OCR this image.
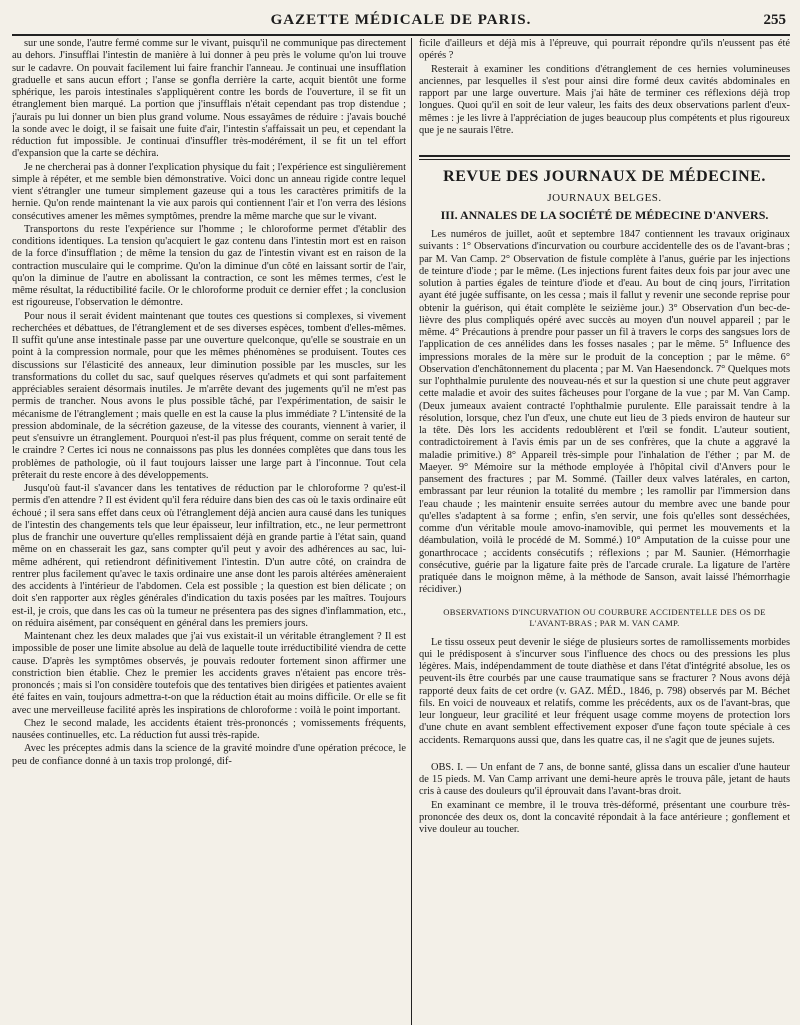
GAZETTE MÉDICALE DE PARIS.	255

sur une sonde, l'autre fermé comme sur le vivant, puisqu'il ne communique pas directement au dehors. J'insufflai l'intestin de manière à lui donner à peu près le volume qu'on lui trouve sur le cadavre. On pouvait facilement lui faire franchir l'anneau. Je continuai une insufflation graduelle et sans aucun effort ; l'anse se gonfla derrière la carte, acquit bientôt une forme sphérique, les parois intestinales s'appliquèrent contre les bords de l'ouverture, il se fit un étranglement bien marqué. La portion que j'insufflais n'était cependant pas trop distendue ; j'aurais pu lui donner un bien plus grand volume. Nous essayâmes de réduire : j'avais bouché la sonde avec le doigt, il se faisait une fuite d'air, l'intestin s'affaissait un peu, et cependant la réduction fut impossible. Je continuai d'insuffler très-modérément, il se fit un tel effort d'expansion que la carte se déchira.

Je ne chercherai pas à donner l'explication physique du fait ; l'expérience est singulièrement simple à répéter, et me semble bien démonstrative. Voici donc un anneau rigide contre lequel vient s'étrangler une tumeur simplement gazeuse qui a tous les caractères primitifs de la hernie. Qu'on rende maintenant la vie aux parois qui contiennent l'air et l'on verra des lésions consécutives amener les mêmes symptômes, prendre la même marche que sur le vivant.

Transportons du reste l'expérience sur l'homme ; le chloroforme permet d'établir des conditions identiques. La tension qu'acquiert le gaz contenu dans l'intestin mort est en raison de la force d'insufflation ; de même la tension du gaz de l'intestin vivant est en raison de la contraction musculaire qui le comprime. Qu'on la diminue d'un côté en laissant sortir de l'air, qu'on la diminue de l'autre en abolissant la contraction, ce sont les mêmes termes, c'est le même résultat, la réductibilité facile. Or le chloroforme produit ce dernier effet ; la conclusion est rigoureuse, l'observation le démontre.

Pour nous il serait évident maintenant que toutes ces questions si complexes, si vivement recherchées et débattues, de l'étranglement et de ses diverses espèces, tombent d'elles-mêmes. Il suffit qu'une anse intestinale passe par une ouverture quelconque, qu'elle se soustraie en un point à la compression normale, pour que les mêmes phénomènes se produisent. Toutes ces discussions sur l'élasticité des anneaux, leur diminution possible par les muscles, sur les transformations du collet du sac, sauf quelques réserves qu'admets et qui sont parfaitement appréciables seraient désormais inutiles. Je m'arrête devant des jugements qu'il ne m'est pas permis de trancher. Nous avons le plus possible tâché, par l'expérimentation, de saisir le mécanisme de l'étranglement ; mais quelle en est la cause la plus immédiate ? L'intensité de la pression abdominale, de la sécrétion gazeuse, de la vitesse des courants, viennent à varier, il peut s'ensuivre un étranglement. Pourquoi n'est-il pas plus fréquent, comme on serait tenté de le craindre ? Certes ici nous ne connaissons pas plus les données complètes que dans tous les problèmes de pathologie, où il faut toujours laisser une large part à l'inconnue. Tout cela prêterait du reste encore à des développements.

Jusqu'où faut-il s'avancer dans les tentatives de réduction par le chloroforme ? qu'est-il permis d'en attendre ? Il est évident qu'il fera réduire dans bien des cas où le taxis ordinaire eût échoué ; il sera sans effet dans ceux où l'étranglement déjà ancien aura causé dans les tuniques de l'intestin des changements tels que leur épaisseur, leur infiltration, etc., ne leur permettront plus de franchir une ouverture qu'elles remplissaient déjà en grande partie à l'état sain, quand même on en chasserait les gaz, sans compter qu'il peut y avoir des adhérences au sac, lui-même adhérent, qui retiendront définitivement l'intestin. D'un autre côté, on craindra de rentrer plus facilement qu'avec le taxis ordinaire une anse dont les parois altérées amèneraient des accidents à l'intérieur de l'abdomen. Cela est possible ; la question est bien délicate ; on doit s'en rapporter aux règles générales d'indication du taxis posées par les maîtres. Toujours est-il, je crois, que dans les cas où la tumeur ne présentera pas des signes d'inflammation, etc., on réduira aisément, par conséquent en général dans les premiers jours.

Maintenant chez les deux malades que j'ai vus existait-il un véritable étranglement ? Il est impossible de poser une limite absolue au delà de laquelle toute irréductibilité viendra de cette cause. D'après les symptômes observés, je pouvais redouter fortement sinon affirmer une constriction bien établie. Chez le premier les accidents graves n'étaient pas encore très-prononcés ; mais si l'on considère toutefois que des tentatives bien dirigées et patientes avaient été faites en vain, toujours admettra-t-on que la réduction était au moins difficile. Or elle se fit avec une merveilleuse facilité après les inspirations de chloroforme : voilà le point important.

Chez le second malade, les accidents étaient très-prononcés ; vomissements fréquents, nausées continuelles, etc. La réduction fut aussi très-rapide.

Avec les préceptes admis dans la science de la gravité moindre d'une opération précoce, le peu de confiance donné à un taxis trop prolongé, dif-

ficile d'ailleurs et déjà mis à l'épreuve, qui pourrait répondre qu'ils n'eussent pas été opérés ?

Resterait à examiner les conditions d'étranglement de ces hernies volumineuses anciennes, par lesquelles il s'est pour ainsi dire formé deux cavités abdominales en rapport par une large ouverture. Mais j'ai hâte de terminer ces réflexions déjà trop longues. Quoi qu'il en soit de leur valeur, les faits des deux observations parlent d'eux-mêmes : je les livre à l'appréciation de juges beaucoup plus compétents et plus rigoureux que je ne saurais l'être.

REVUE DES JOURNAUX DE MÉDECINE.
JOURNAUX BELGES.
III. ANNALES DE LA SOCIÉTÉ DE MÉDECINE D'ANVERS.

Les numéros de juillet, août et septembre 1847 contiennent les travaux originaux suivants : 1° Observations d'incurvation ou courbure accidentelle des os de l'avant-bras ; par M. Van Camp. 2° Observation de fistule complète à l'anus, guérie par les injections de teinture d'iode ; par le même. (Les injections furent faites deux fois par jour avec une solution à parties égales de teinture d'iode et d'eau. Au bout de cinq jours, l'irritation ayant été jugée suffisante, on les cessa ; mais il fallut y revenir une seconde reprise pour obtenir la guérison, qui était complète le seizième jour.) 3° Observation d'un bec-de-lièvre des plus compliqués opéré avec succès au moyen d'un nouvel appareil ; par le même. 4° Précautions à prendre pour passer un fil à travers le corps des sangsues lors de l'application de ces annélides dans les fosses nasales ; par le même. 5° Influence des impressions morales de la mère sur le produit de la conception ; par le même. 6° Observation d'enchâtonnement du placenta ; par M. Van Haesendonck. 7° Quelques mots sur l'ophthalmie purulente des nouveau-nés et sur la question si une chute peut aggraver cette maladie et avoir des suites fâcheuses pour l'organe de la vue ; par M. Van Camp. (Deux jumeaux avaient contracté l'ophthalmie purulente. Elle paraissait tendre à la résolution, lorsque, chez l'un d'eux, une chute eut lieu de 3 pieds environ de hauteur sur la tête. Dès lors les accidents redoublèrent et l'œil se fondit. L'auteur soutient, contradictoirement à l'avis émis par un de ses confrères, que la chute a aggravé la maladie primitive.) 8° Appareil très-simple pour l'inhalation de l'éther ; par M. de Maeyer. 9° Mémoire sur la méthode employée à l'hôpital civil d'Anvers pour le pansement des fractures ; par M. Sommé. (Tailler deux valves latérales, en carton, embrassant par leur réunion la totalité du membre ; les ramollir par l'immersion dans l'eau chaude ; les maintenir ensuite serrées autour du membre avec une bande pour qu'elles s'adaptent à sa forme ; enfin, s'en servir, une fois qu'elles sont desséchées, comme d'un véritable moule amovo-inamovible, qui permet les mouvements et la déambulation, voilà le procédé de M. Sommé.) 10° Amputation de la cuisse pour une gonarthrocace ; accidents consécutifs ; réflexions ; par M. Saunier. (Hémorrhagie consécutive, guérie par la ligature faite près de l'arcade crurale. La ligature de l'artère pratiquée dans le moignon même, à la méthode de Sanson, avait laissé l'hémorrhagie récidiver.)

OBSERVATIONS D'INCURVATION OU COURBURE ACCIDENTELLE DES OS DE
L'AVANT-BRAS ; PAR M. VAN CAMP.

Le tissu osseux peut devenir le siége de plusieurs sortes de ramollissements morbides qui le prédisposent à s'incurver sous l'influence des chocs ou des pressions les plus légères. Mais, indépendamment de toute diathèse et dans l'état d'intégrité absolue, les os peuvent-ils être courbés par une cause traumatique sans se fracturer ? Nous avons déjà rapporté deux faits de cet ordre (v. GAZ. MÉD., 1846, p. 798) observés par M. Béchet fils. En voici de nouveaux et relatifs, comme les précédents, aux os de l'avant-bras, que leur longueur, leur gracilité et leur fréquent usage comme moyens de protection lors d'une chute en avant semblent effectivement exposer d'une façon toute spéciale à ces accidents. Remarquons aussi que, dans les quatre cas, il ne s'agit que de jeunes sujets.

OBS. I. — Un enfant de 7 ans, de bonne santé, glissa dans un escalier d'une hauteur de 15 pieds. M. Van Camp arrivant une demi-heure après le trouva pâle, jetant de hauts cris à cause des douleurs qu'il éprouvait dans l'avant-bras droit.

En examinant ce membre, il le trouva très-déformé, présentant une courbure très-prononcée des deux os, dont la concavité répondait à la face antérieure ; gonflement et vive douleur au toucher.
